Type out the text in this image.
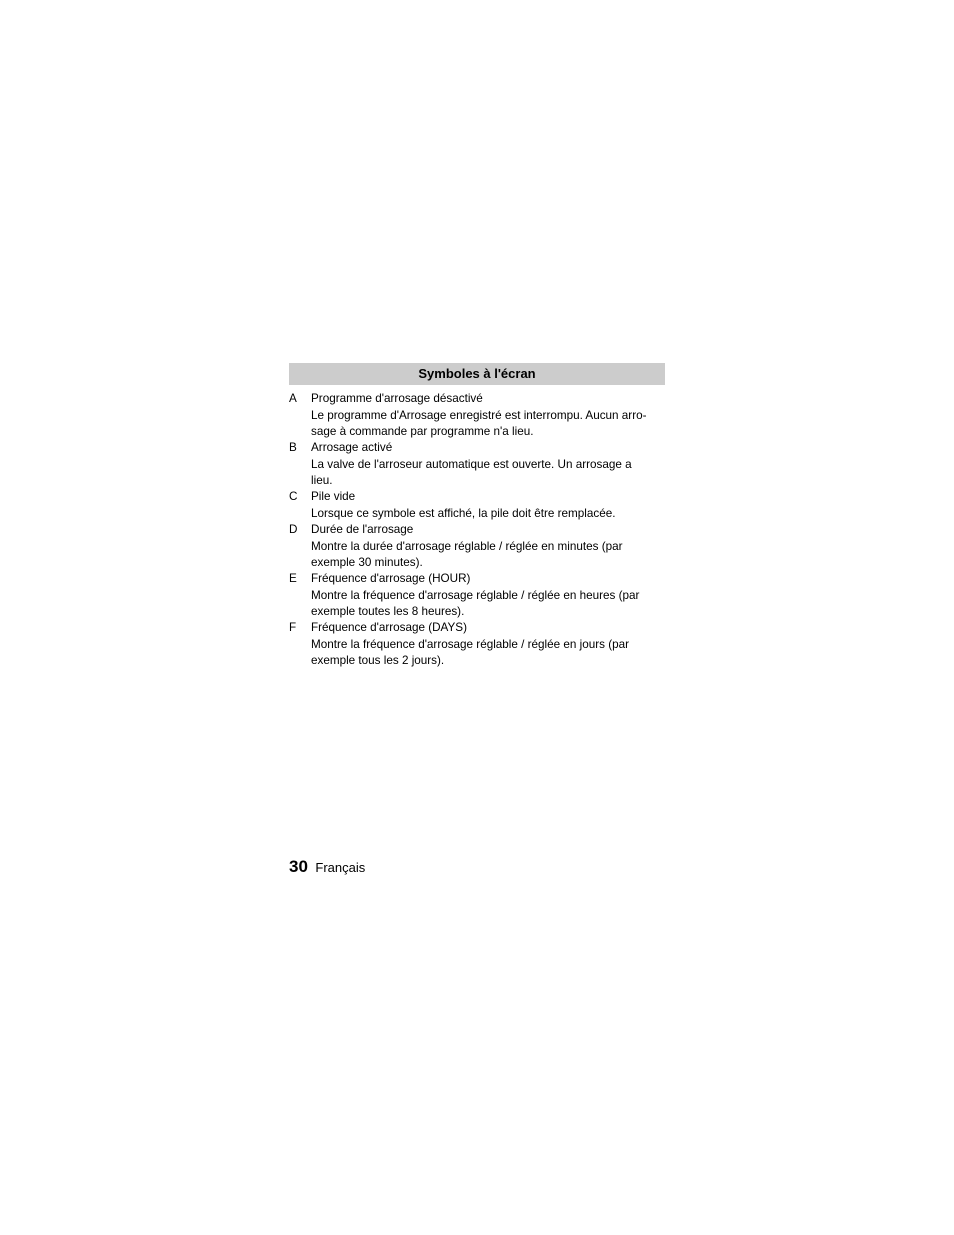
Symboles à l'écran
A Programme d'arrosage désactivé
Le programme d'Arrosage enregistré est interrompu. Aucun arro-
sage à commande par programme n'a lieu.
B Arrosage activé
La valve de l'arroseur automatique est ouverte. Un arrosage a
lieu.
C Pile vide
Lorsque ce symbole est affiché, la pile doit être remplacée.
D Durée de l'arrosage
Montre la durée d'arrosage réglable / réglée en minutes (par
exemple 30 minutes).
E Fréquence d'arrosage (HOUR)
Montre la fréquence d'arrosage réglable / réglée en heures (par
exemple toutes les 8 heures).
F Fréquence d'arrosage (DAYS)
Montre la fréquence d'arrosage réglable / réglée en jours (par
exemple tous les 2 jours).
30 Français
